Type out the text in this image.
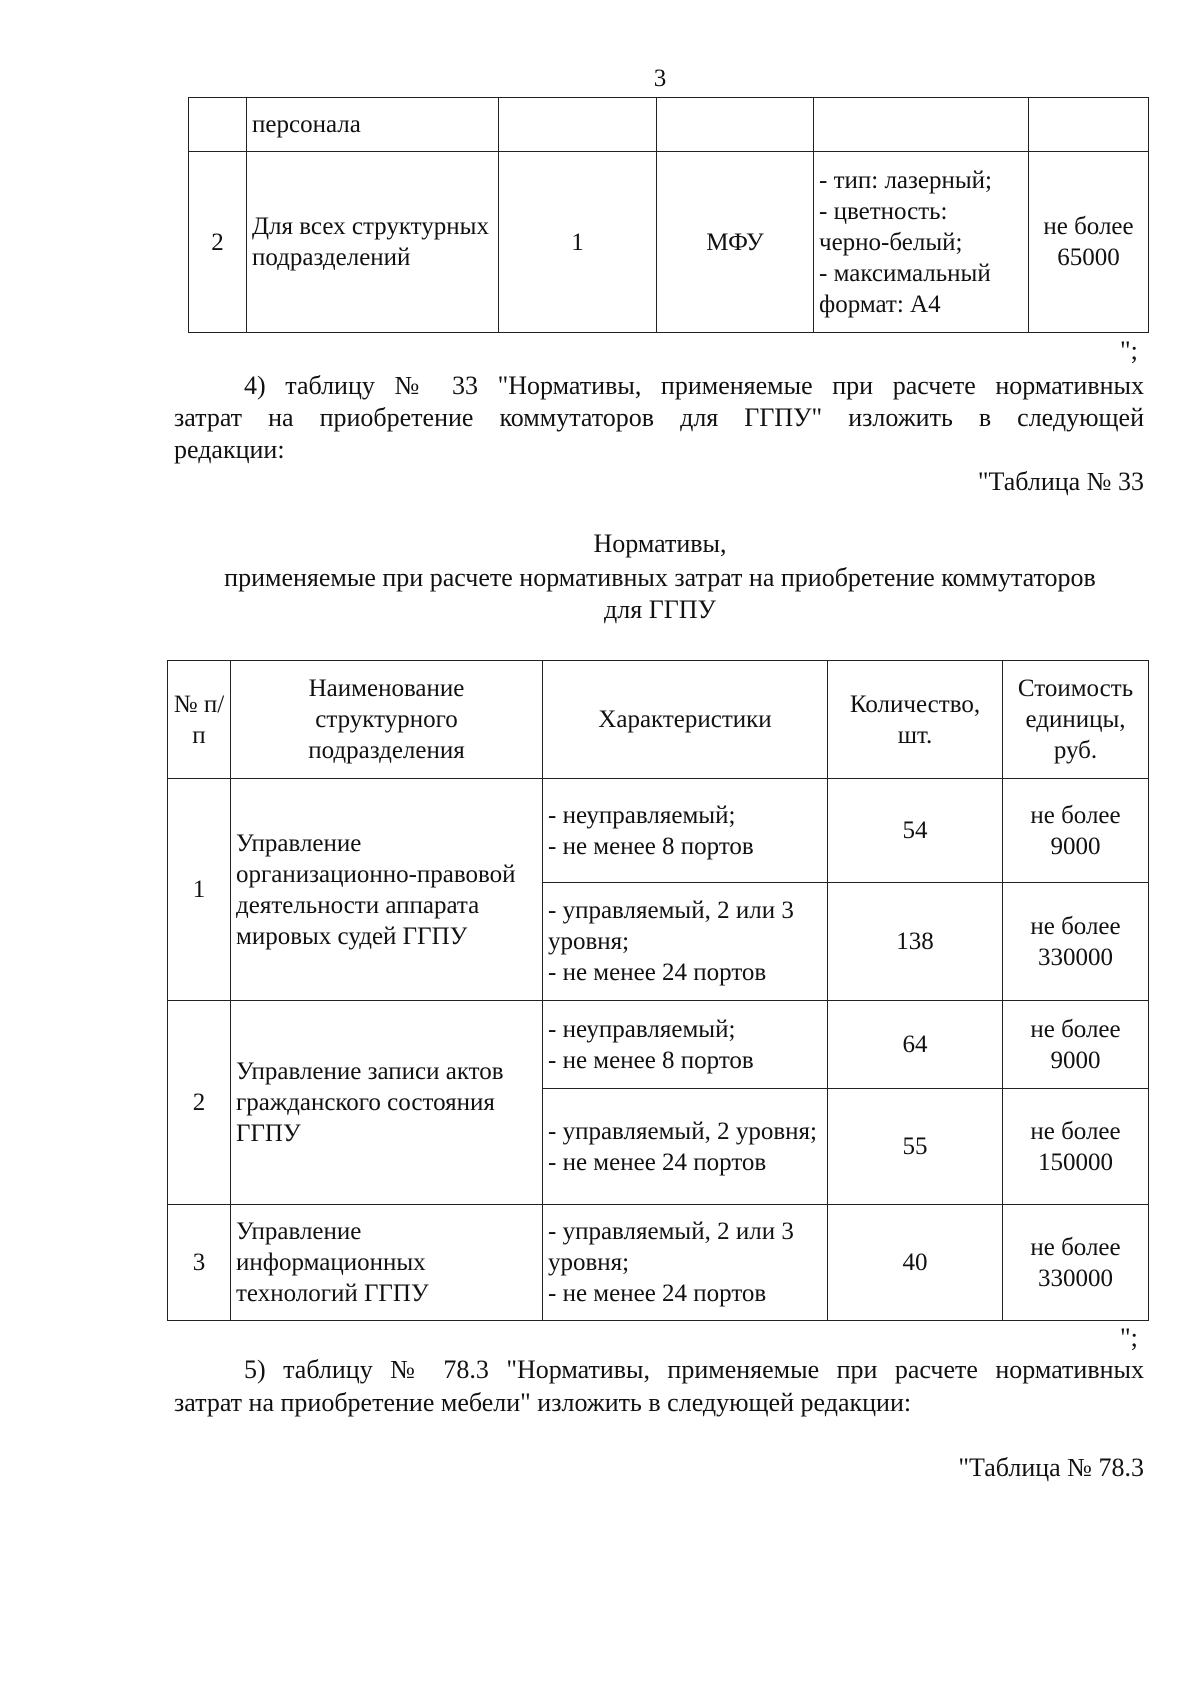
3
	персонала				
2	Для всех структурных подразделений	1	МФУ	- тип: лазерный;
- цветность: черно-белый;
- максимальный формат: А4	не более 65000
";
4) таблицу № 33 "Нормативы, применяемые при расчете нормативных
затрат на приобретение коммутаторов для ГГПУ" изложить в следующей
редакции:
"Таблица № 33
Нормативы,
применяемые при расчете нормативных затрат на приобретение коммутаторов
для ГГПУ
№ п/п	Наименование структурного подразделения	Характеристики	Количество, шт.	Стоимость единицы, руб.
1	Управление организационно-правовой деятельности аппарата мировых судей ГГПУ	- неуправляемый;
- не менее 8 портов	54	не более 9000

		- управляемый, 2 или 3 уровня;
- не менее 24 портов	138	не более 330000
2	Управление записи актов гражданского состояния ГГПУ	- неуправляемый;
- не менее 8 портов	64	не более 9000

		- управляемый, 2 уровня;
- не менее 24 портов	55	не более 150000
3	Управление информационных технологий ГГПУ	- управляемый, 2 или 3 уровня;
- не менее 24 портов	40	не более 330000
";
5) таблицу № 78.3 "Нормативы, применяемые при расчете нормативных
затрат на приобретение мебели" изложить в следующей редакции:
"Таблица № 78.3
